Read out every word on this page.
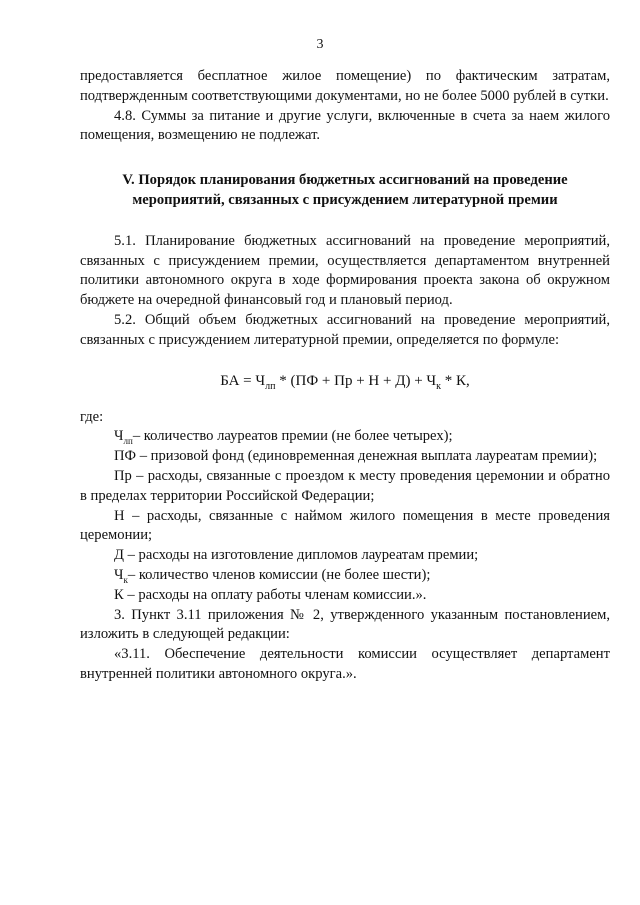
3

предоставляется бесплатное жилое помещение) по фактическим затратам, подтвержденным соответствующими документами, но не более 5000 рублей в сутки.

4.8. Суммы за питание и другие услуги, включенные в счета за наем жилого помещения, возмещению не подлежат.

V. Порядок планирования бюджетных ассигнований на проведение мероприятий, связанных с присуждением литературной премии

5.1. Планирование бюджетных ассигнований на проведение мероприятий, связанных с присуждением премии, осуществляется департаментом внутренней политики автономного округа в ходе формирования проекта закона об окружном бюджете на очередной финансовый год и плановый период.

5.2. Общий объем бюджетных ассигнований на проведение мероприятий, связанных с присуждением литературной премии, определяется по формуле:

БА = $Ч_{лп} * (ПФ$ + Пр + $Н + Д) + Ч_к * К$,

где:

$Ч_{лп}-$ количество лауреатов премии (не более четырех);

ПФ – призовой фонд (единовременная денежная выплата лауреатам премии);

Пр – расходы, связанные с проездом к месту проведения церемонии и обратно в пределах территории Российской Федерации;

Н – расходы, связанные с наймом жилого помещения в месте проведения церемонии;

Д – расходы на изготовление дипломов лауреатам премии;

$Ч_к-$ количество членов комиссии (не более шести);

К – расходы на оплату работы членам комиссии.».

3. Пункт 3.11 приложения № 2, утвержденного указанным постановлением, изложить в следующей редакции:

«3.11. Обеспечение деятельности комиссии осуществляет департамент внутренней политики автономного округа.».
